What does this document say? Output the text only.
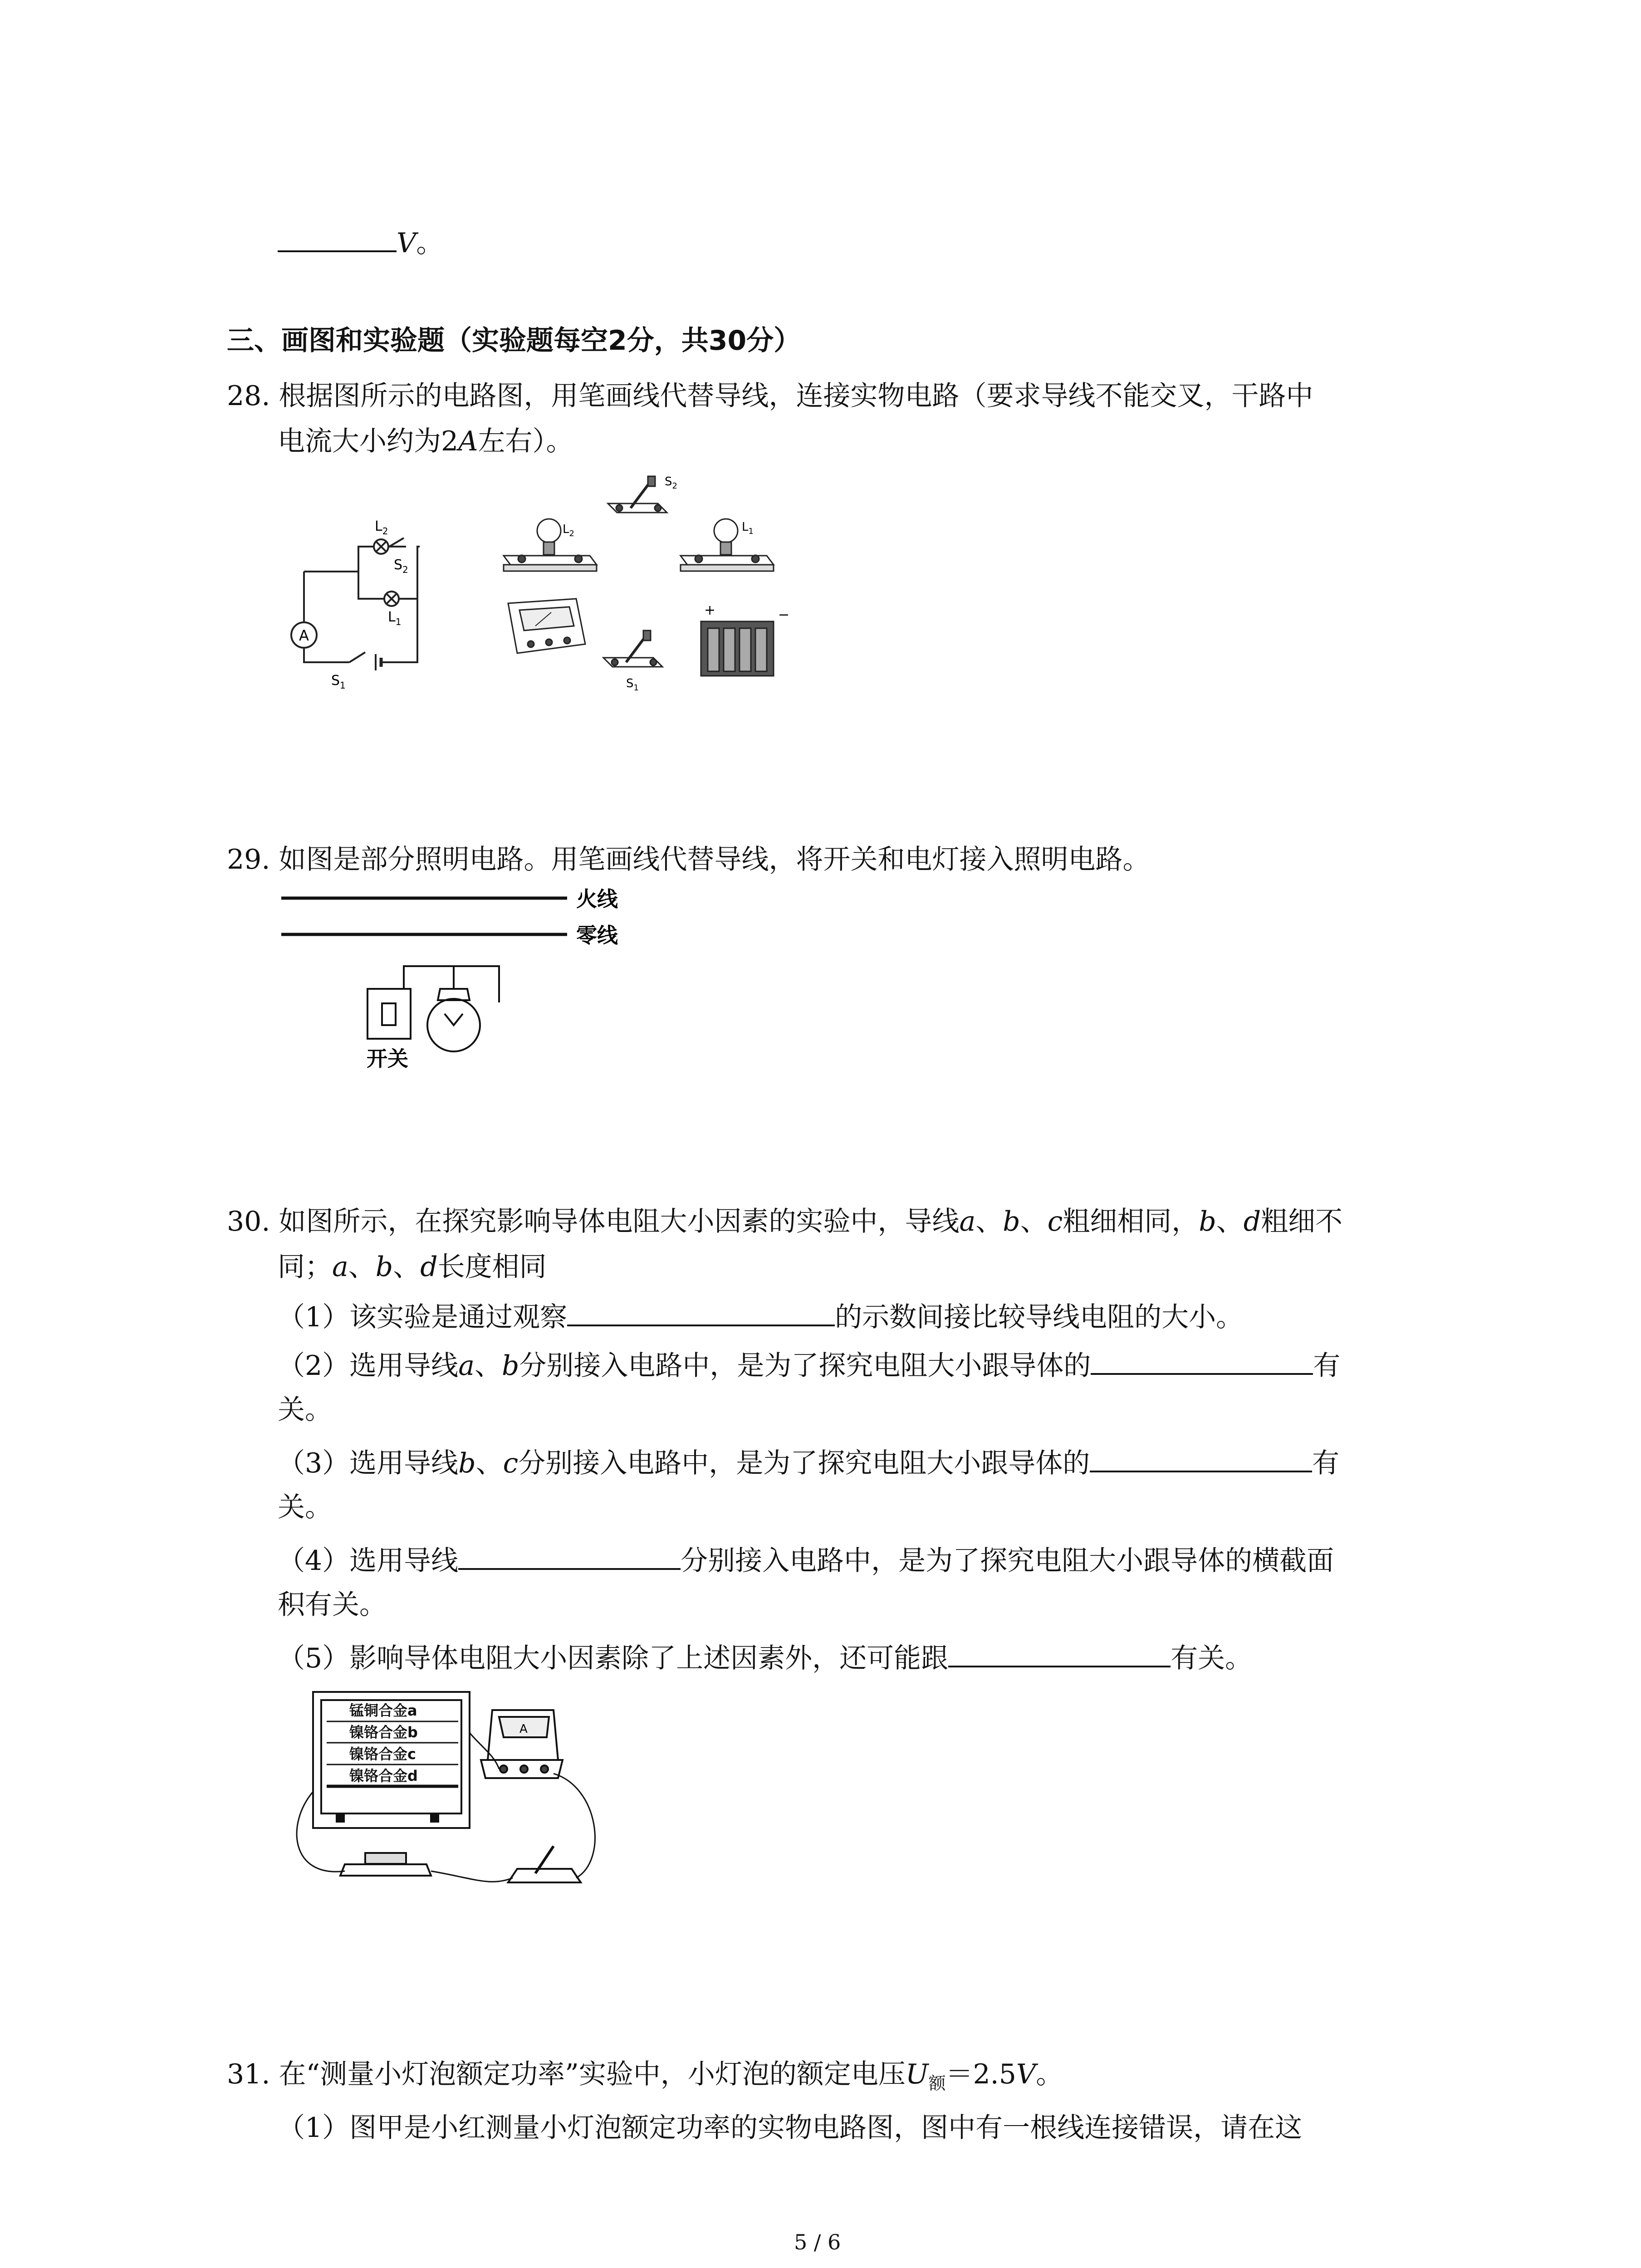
V。
三、画图和实验题（实验题每空2分，共30分）
28. 根据图所示的电路图，用笔画线代替导线，连接实物电路（要求导线不能交叉，干路中
电流大小约为2A左右）。
A
$L_2$
$S_2$
$L_1$
$S_1$
$S_2$
$L_2$	$L_1$
$S_1$
+	−
29. 如图是部分照明电路。用笔画线代替导线，将开关和电灯接入照明电路。
火线
零线
开关
30. 如图所示，在探究影响导体电阻大小因素的实验中，导线a、b、c粗细相同，b、d粗细不
同；a、b、d长度相同
（1）该实验是通过观察	的示数间接比较导线电阻的大小。
（2）选用导线a、b分别接入电路中，是为了探究电阻大小跟导体的	有
关。
（3）选用导线b、c分别接入电路中，是为了探究电阻大小跟导体的	有
关。
（4）选用导线	分别接入电路中，是为了探究电阻大小跟导体的横截面
积有关。
（5）影响导体电阻大小因素除了上述因素外，还可能跟	有关。
锰铜合金a
镍铬合金b
镍铬合金c
镍铬合金d
A
31. 在“测量小灯泡额定功率”实验中，小灯泡的额定电压$U_额=2.5V$。
（1）图甲是小红测量小灯泡额定功率的实物电路图，图中有一根线连接错误，请在这
5 / 6
